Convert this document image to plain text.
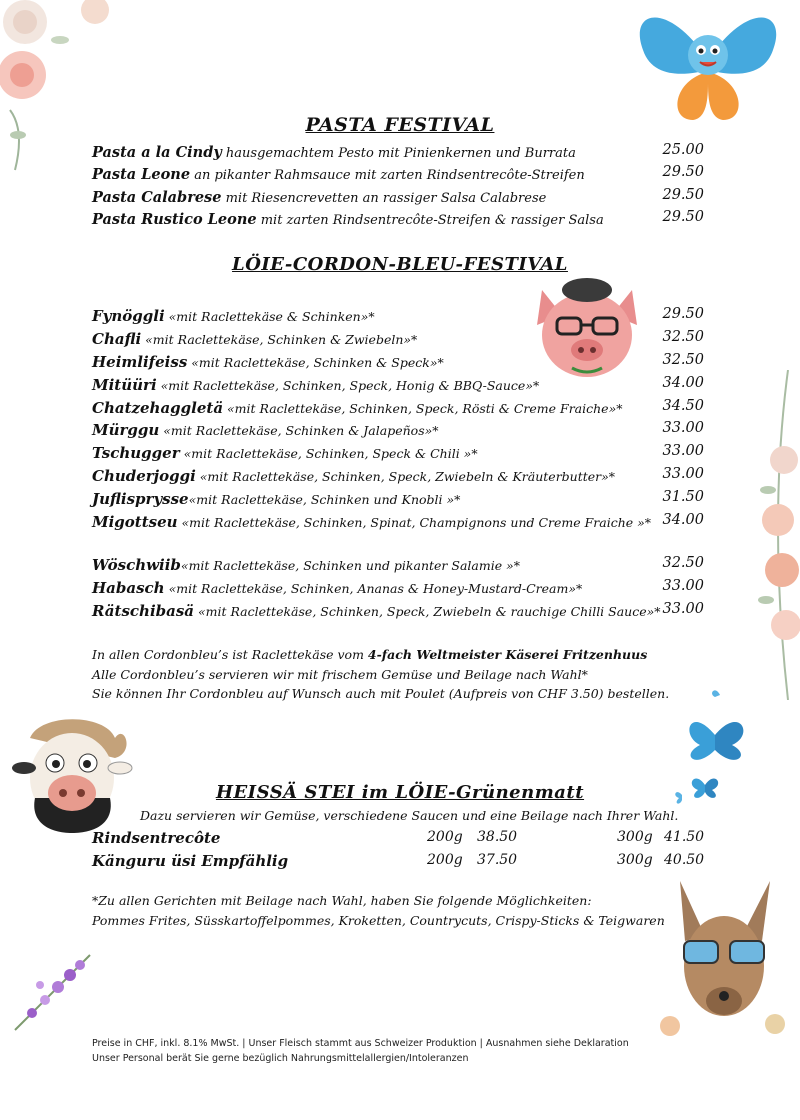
PASTA FESTIVAL
Pasta a la Cindy hausgemachtem Pesto mit Pinienkernen und Burrata	25.00
Pasta Leone an pikanter Rahmsauce mit zarten Rindsentrecôte-Streifen	29.50
Pasta Calabrese mit Riesencrevetten an rassiger Salsa Calabrese	29.50
Pasta Rustico Leone mit zarten Rindsentrecôte-Streifen & rassiger Salsa	29.50
LÖIE-CORDON-BLEU-FESTIVAL
Fynöggli «mit Raclettekäse & Schinken»*	29.50
Chafli «mit Raclettekäse, Schinken & Zwiebeln»*	32.50
Heimlifeiss «mit Raclettekäse, Schinken & Speck»*	32.50
Mitüüri «mit Raclettekäse, Schinken, Speck, Honig & BBQ-Sauce»*	34.00
Chatzehaggletä «mit Raclettekäse, Schinken, Speck, Rösti & Creme Fraiche»*	34.50
Mürggu «mit Raclettekäse, Schinken & Jalapeños»*	33.00
Tschugger «mit Raclettekäse, Schinken, Speck & Chili »*	33.00
Chuderjoggi «mit Raclettekäse, Schinken, Speck, Zwiebeln & Kräuterbutter»*	33.00
Juflisprysse«mit Raclettekäse, Schinken und Knobli »*	31.50
Migottseu «mit Raclettekäse, Schinken, Spinat, Champignons und Creme Fraiche »* 34.00
Wöschwiib«mit Raclettekäse, Schinken und pikanter Salamie »*	32.50
Habasch «mit Raclettekäse, Schinken, Ananas & Honey-Mustard-Cream»*	33.00
Rätschibasä «mit Raclettekäse, Schinken, Speck, Zwiebeln & rauchige Chilli Sauce»* 33.00
In allen Cordonbleu’s ist Raclettekäse vom 4-fach Weltmeister Käserei Fritzenhuus
Alle Cordonbleu’s servieren wir mit frischem Gemüse und Beilage nach Wahl*
Sie können Ihr Cordonbleu auf Wunsch auch mit Poulet (Aufpreis von CHF 3.50) bestellen.
HEISSÄ STEI im LÖIE-Grünenmatt
Dazu servieren wir Gemüse, verschiedene Saucen und eine Beilage nach Ihrer Wahl.
Rindsentrecôte	200g 38.50	300g 41.50
Känguru üsi Empfählig	200g 37.50	300g 40.50
*Zu allen Gerichten mit Beilage nach Wahl, haben Sie folgende Möglichkeiten:
Pommes Frites, Süsskartoffelpommes, Kroketten, Countrycuts, Crispy-Sticks & Teigwaren
Preise in CHF, inkl. 8.1% MwSt. | Unser Fleisch stammt aus Schweizer Produktion | Ausnahmen siehe Deklaration
Unser Personal berät Sie gerne bezüglich Nahrungsmittelallergien/Intoleranzen
